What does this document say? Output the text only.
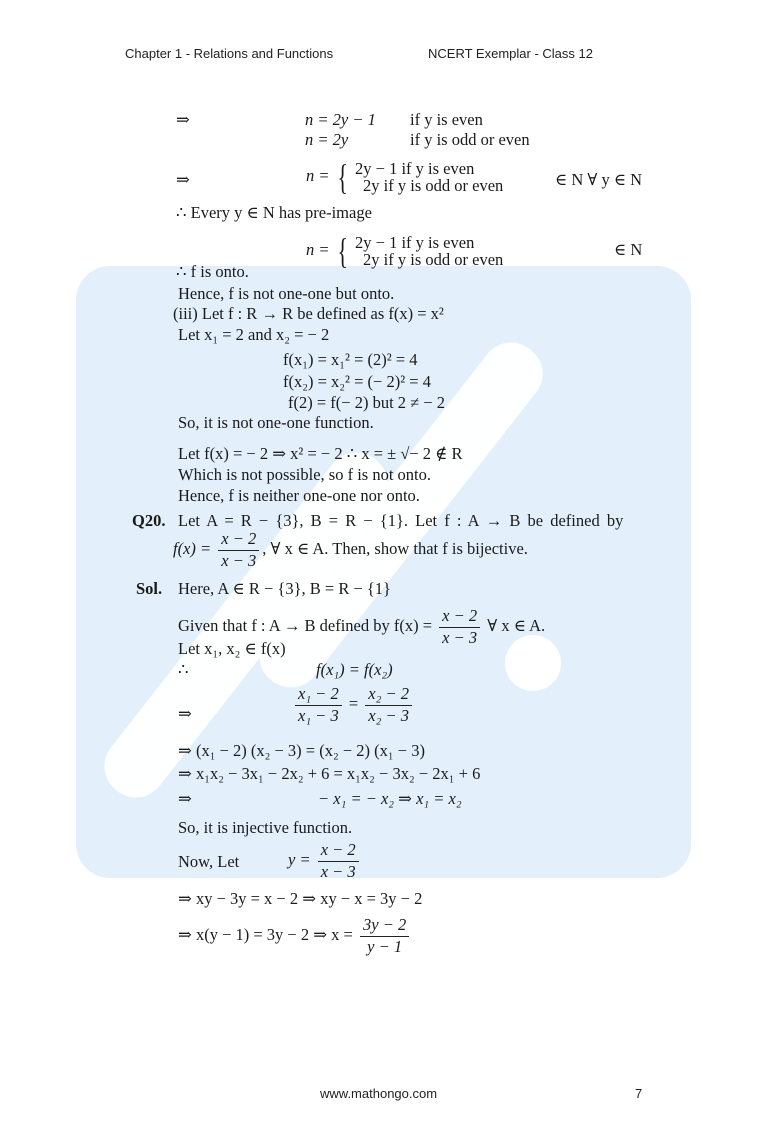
Chapter 1 - Relations and Functions	NCERT Exemplar - Class 12
⇒	n = 2y − 1 if y is even
n = 2y	if y is odd or even
⇒	n = { 2y − 1 if y is even
2y if y is odd or even	∈ N ∀ y ∈ N
∴ Every y ∈ N has pre-image
n = { 2y − 1 if y is even
2y if y is odd or even
∈ N
∴ f is onto.
Hence, f is not one-one but onto.
(iii) Let f : R → R be defined as f(x) = x²
Let x₁ = 2 and x₂ = − 2
f(x₁) = x₁² = (2)² = 4
f(x₂) = x₂² = (− 2)² = 4
f(2) = f(− 2) but 2 ≠ − 2
So, it is not one-one function.
Let f(x) = − 2 ⇒ x² = − 2 ∴ x = ± √− 2 ∉ R
Which is not possible, so f is not onto.
Hence, f is neither one-one nor onto.
Q20. Let A = R − {3}, B = R − {1}. Let f : A → B be defined by
$f(x) = \frac{x - 2}{x - 3}$ , ∀ x ∈ A. Then, show that f is bijective.
Sol. Here, A ∈ R − {3}, B = R − {1}
Given that f : A → B defined by $f(x) = \frac{x - 2}{x - 3}$ ∀ x ∈ A.
Let x₁, x₂ ∈ f(x)
∴	f(x₁) = f(x₂)
⇒	$\frac{\text{x₁ − 2}}{\text{x₁ − 3}} = \frac{\text{x₂ − 2}}{\text{x₂ − 3}}$
⇒ (x₁ − 2) (x₂ − 3) = (x₂ − 2) (x₁ − 3)
⇒ x₁x₂ − 3x₁ − 2x₂ + 6 = x₁x₂ − 3x₂ − 2x₁ + 6
⇒	− x₁ = − x₂ ⇒ x₁ = x₂
So, it is injective function.
Now, Let	$y = \frac{x - 2}{x - 3}$
⇒ xy − 3y = x − 2 ⇒ xy − x = 3y − 2
⇒ x(y − 1) = 3y − 2 ⇒ $x = \frac{3y - 2}{y - 1}$
www.mathongo.com	7
